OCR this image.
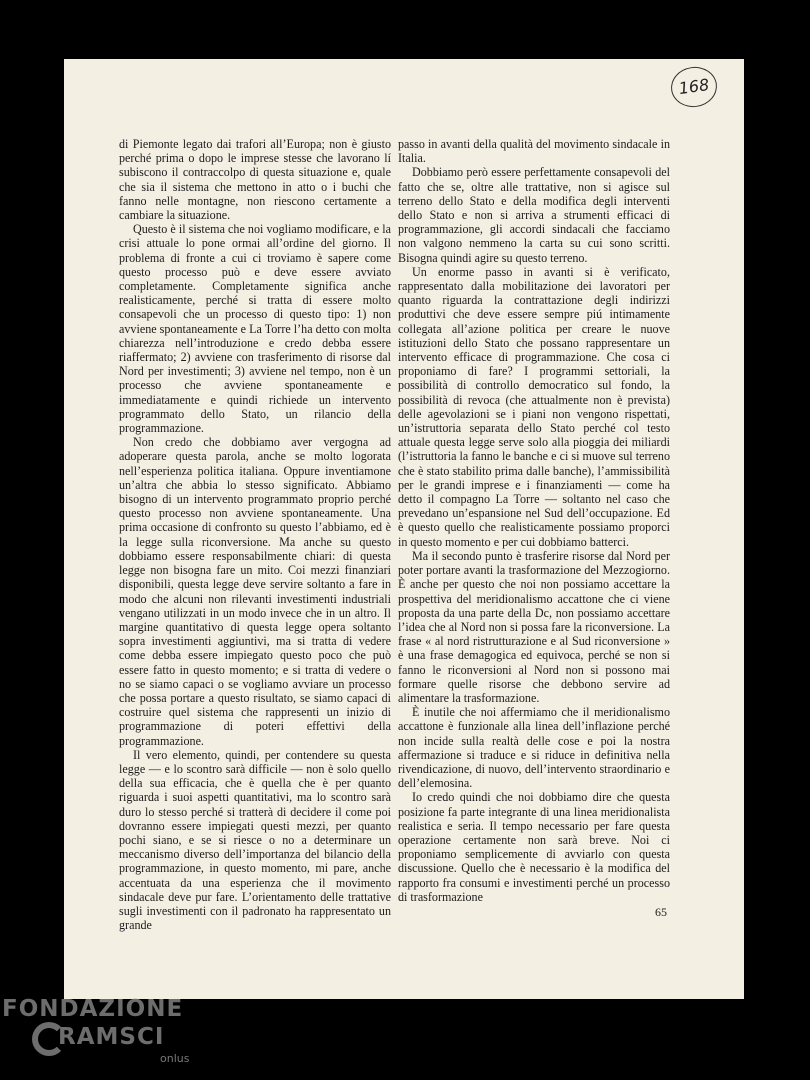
168

di Piemonte legato dai trafori all’Europa; non è giusto perché prima o dopo le imprese stesse che lavorano lí subiscono il contraccolpo di questa situazione e, quale che sia il sistema che mettono in atto o i buchi che fanno nelle montagne, non riescono certamente a cambiare la situazione.

Questo è il sistema che noi vogliamo modificare, e la crisi attuale lo pone ormai all’ordine del giorno. Il problema di fronte a cui ci troviamo è sapere come questo processo può e deve essere avviato completamente. Completamente significa anche realisticamente, perché si tratta di essere molto consapevoli che un processo di questo tipo: 1) non avviene spontaneamente e La Torre l’ha detto con molta chiarezza nell’introduzione e credo debba essere riaffermato; 2) avviene con trasferimento di risorse dal Nord per investimenti; 3) avviene nel tempo, non è un processo che avviene spontaneamente e immediatamente e quindi richiede un intervento programmato dello Stato, un rilancio della programmazione.

Non credo che dobbiamo aver vergogna ad adoperare questa parola, anche se molto logorata nell’esperienza politica italiana. Oppure inventiamone un’altra che abbia lo stesso significato. Abbiamo bisogno di un intervento programmato proprio perché questo processo non avviene spontaneamente. Una prima occasione di confronto su questo l’abbiamo, ed è la legge sulla riconversione. Ma anche su questo dobbiamo essere responsabilmente chiari: di questa legge non bisogna fare un mito. Coi mezzi finanziari disponibili, questa legge deve servire soltanto a fare in modo che alcuni non rilevanti investimenti industriali vengano utilizzati in un modo invece che in un altro. Il margine quantitativo di questa legge opera soltanto sopra investimenti aggiuntivi, ma si tratta di vedere come debba essere impiegato questo poco che può essere fatto in questo momento; e si tratta di vedere o no se siamo capaci o se vogliamo avviare un processo che possa portare a questo risultato, se siamo capaci di costruire quel sistema che rappresenti un inizio di programmazione di poteri effettivi della programmazione.

Il vero elemento, quindi, per contendere su questa legge — e lo scontro sarà difficile — non è solo quello della sua efficacia, che è quella che è per quanto riguarda i suoi aspetti quantitativi, ma lo scontro sarà duro lo stesso perché si tratterà di decidere il come poi dovranno essere impiegati questi mezzi, per quanto pochi siano, e se si riesce o no a determinare un meccanismo diverso dell’importanza del bilancio della programmazione, in questo momento, mi pare, anche accentuata da una esperienza che il movimento sindacale deve pur fare. L’orientamento delle trattative sugli investimenti con il padronato ha rappresentato un grande

passo in avanti della qualità del movimento sindacale in Italia.

Dobbiamo però essere perfettamente consapevoli del fatto che se, oltre alle trattative, non si agisce sul terreno dello Stato e della modifica degli interventi dello Stato e non si arriva a strumenti efficaci di programmazione, gli accordi sindacali che facciamo non valgono nemmeno la carta su cui sono scritti. Bisogna quindi agire su questo terreno.

Un enorme passo in avanti si è verificato, rappresentato dalla mobilitazione dei lavoratori per quanto riguarda la contrattazione degli indirizzi produttivi che deve essere sempre piú intimamente collegata all’azione politica per creare le nuove istituzioni dello Stato che possano rappresentare un intervento efficace di programmazione. Che cosa ci proponiamo di fare? I programmi settoriali, la possibilità di controllo democratico sul fondo, la possibilità di revoca (che attualmente non è prevista) delle agevolazioni se i piani non vengono rispettati, un’istruttoria separata dello Stato perché col testo attuale questa legge serve solo alla pioggia dei miliardi (l’istruttoria la fanno le banche e ci si muove sul terreno che è stato stabilito prima dalle banche), l’ammissibilità per le grandi imprese e i finanziamenti — come ha detto il compagno La Torre — soltanto nel caso che prevedano un’espansione nel Sud dell’occupazione. Ed è questo quello che realisticamente possiamo proporci in questo momento e per cui dobbiamo batterci.

Ma il secondo punto è trasferire risorse dal Nord per poter portare avanti la trasformazione del Mezzogiorno. È anche per questo che noi non possiamo accettare la prospettiva del meridionalismo accattone che ci viene proposta da una parte della Dc, non possiamo accettare l’idea che al Nord non si possa fare la riconversione. La frase « al nord ristrutturazione e al Sud riconversione » è una frase demagogica ed equivoca, perché se non si fanno le riconversioni al Nord non si possono mai formare quelle risorse che debbono servire ad alimentare la trasformazione.

È inutile che noi affermiamo che il meridionalismo accattone è funzionale alla linea dell’inflazione perché non incide sulla realtà delle cose e poi la nostra affermazione si traduce e si riduce in definitiva nella rivendicazione, di nuovo, dell’intervento straordinario e dell’elemosina.

Io credo quindi che noi dobbiamo dire che questa posizione fa parte integrante di una linea meridionalista realistica e seria. Il tempo necessario per fare questa operazione certamente non sarà breve. Noi ci proponiamo semplicemente di avviarlo con questa discussione. Quello che è necessario è la modifica del rapporto fra consumi e investimenti perché un processo di trasformazione

65
FONDAZIONE
RAMSCI
onlus
